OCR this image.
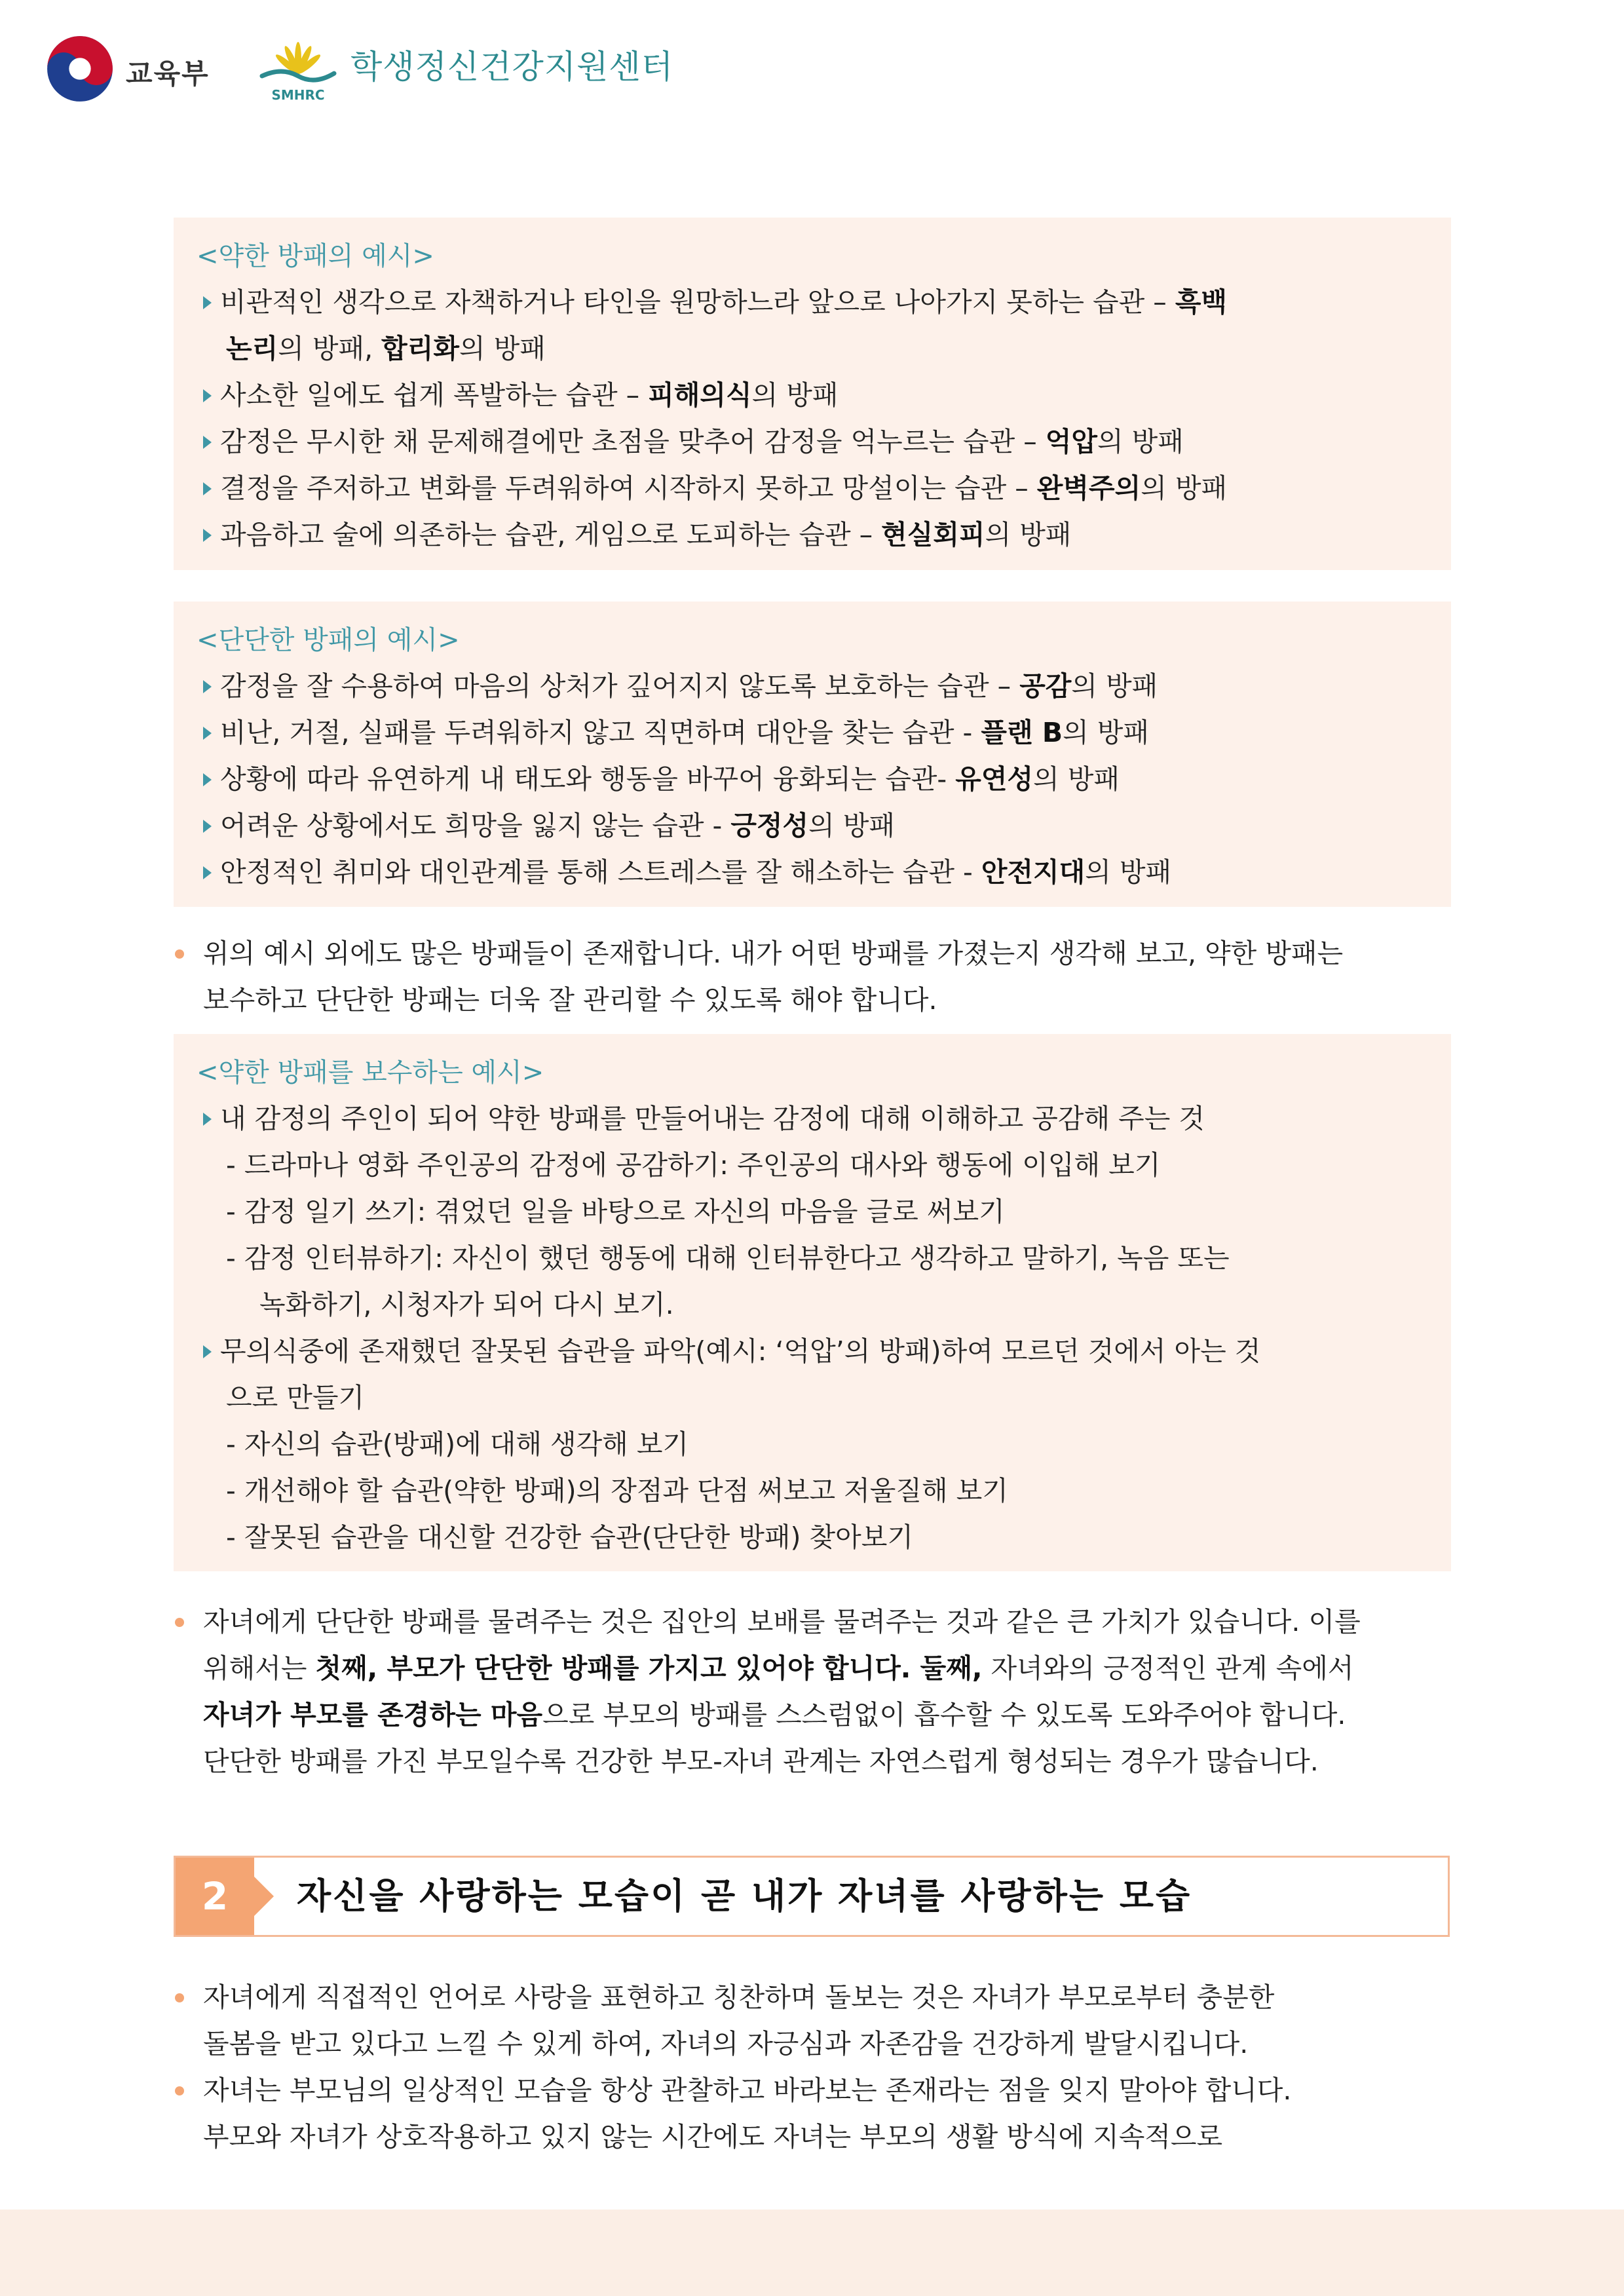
교육부
SMHRC
학생정신건강지원센터
<약한 방패의 예시>
비관적인 생각으로 자책하거나 타인을 원망하느라 앞으로 나아가지 못하는 습관 – 흑백
논리의 방패, 합리화의 방패
사소한 일에도 쉽게 폭발하는 습관 – 피해의식의 방패
감정은 무시한 채 문제해결에만 초점을 맞추어 감정을 억누르는 습관 – 억압의 방패
결정을 주저하고 변화를 두려워하여 시작하지 못하고 망설이는 습관 – 완벽주의의 방패
과음하고 술에 의존하는 습관, 게임으로 도피하는 습관 – 현실회피의 방패
<단단한 방패의 예시>
감정을 잘 수용하여 마음의 상처가 깊어지지 않도록 보호하는 습관 – 공감의 방패
비난, 거절, 실패를 두려워하지 않고 직면하며 대안을 찾는 습관 - 플랜 B의 방패
상황에 따라 유연하게 내 태도와 행동을 바꾸어 융화되는 습관- 유연성의 방패
어려운 상황에서도 희망을 잃지 않는 습관 - 긍정성의 방패
안정적인 취미와 대인관계를 통해 스트레스를 잘 해소하는 습관 - 안전지대의 방패
위의 예시 외에도 많은 방패들이 존재합니다. 내가 어떤 방패를 가졌는지 생각해 보고, 약한 방패는
보수하고 단단한 방패는 더욱 잘 관리할 수 있도록 해야 합니다.
<약한 방패를 보수하는 예시>
내 감정의 주인이 되어 약한 방패를 만들어내는 감정에 대해 이해하고 공감해 주는 것
- 드라마나 영화 주인공의 감정에 공감하기: 주인공의 대사와 행동에 이입해 보기
- 감정 일기 쓰기: 겪었던 일을 바탕으로 자신의 마음을 글로 써보기
- 감정 인터뷰하기: 자신이 했던 행동에 대해 인터뷰한다고 생각하고 말하기, 녹음 또는
녹화하기, 시청자가 되어 다시 보기.
무의식중에 존재했던 잘못된 습관을 파악(예시: ‘억압’의 방패)하여 모르던 것에서 아는 것
으로 만들기
- 자신의 습관(방패)에 대해 생각해 보기
- 개선해야 할 습관(약한 방패)의 장점과 단점 써보고 저울질해 보기
- 잘못된 습관을 대신할 건강한 습관(단단한 방패) 찾아보기
자녀에게 단단한 방패를 물려주는 것은 집안의 보배를 물려주는 것과 같은 큰 가치가 있습니다. 이를
위해서는 첫째, 부모가 단단한 방패를 가지고 있어야 합니다. 둘째, 자녀와의 긍정적인 관계 속에서
자녀가 부모를 존경하는 마음으로 부모의 방패를 스스럼없이 흡수할 수 있도록 도와주어야 합니다.
단단한 방패를 가진 부모일수록 건강한 부모-자녀 관계는 자연스럽게 형성되는 경우가 많습니다.
2	자신을 사랑하는 모습이 곧 내가 자녀를 사랑하는 모습
자녀에게 직접적인 언어로 사랑을 표현하고 칭찬하며 돌보는 것은 자녀가 부모로부터 충분한
돌봄을 받고 있다고 느낄 수 있게 하여, 자녀의 자긍심과 자존감을 건강하게 발달시킵니다.
자녀는 부모님의 일상적인 모습을 항상 관찰하고 바라보는 존재라는 점을 잊지 말아야 합니다.
부모와 자녀가 상호작용하고 있지 않는 시간에도 자녀는 부모의 생활 방식에 지속적으로
